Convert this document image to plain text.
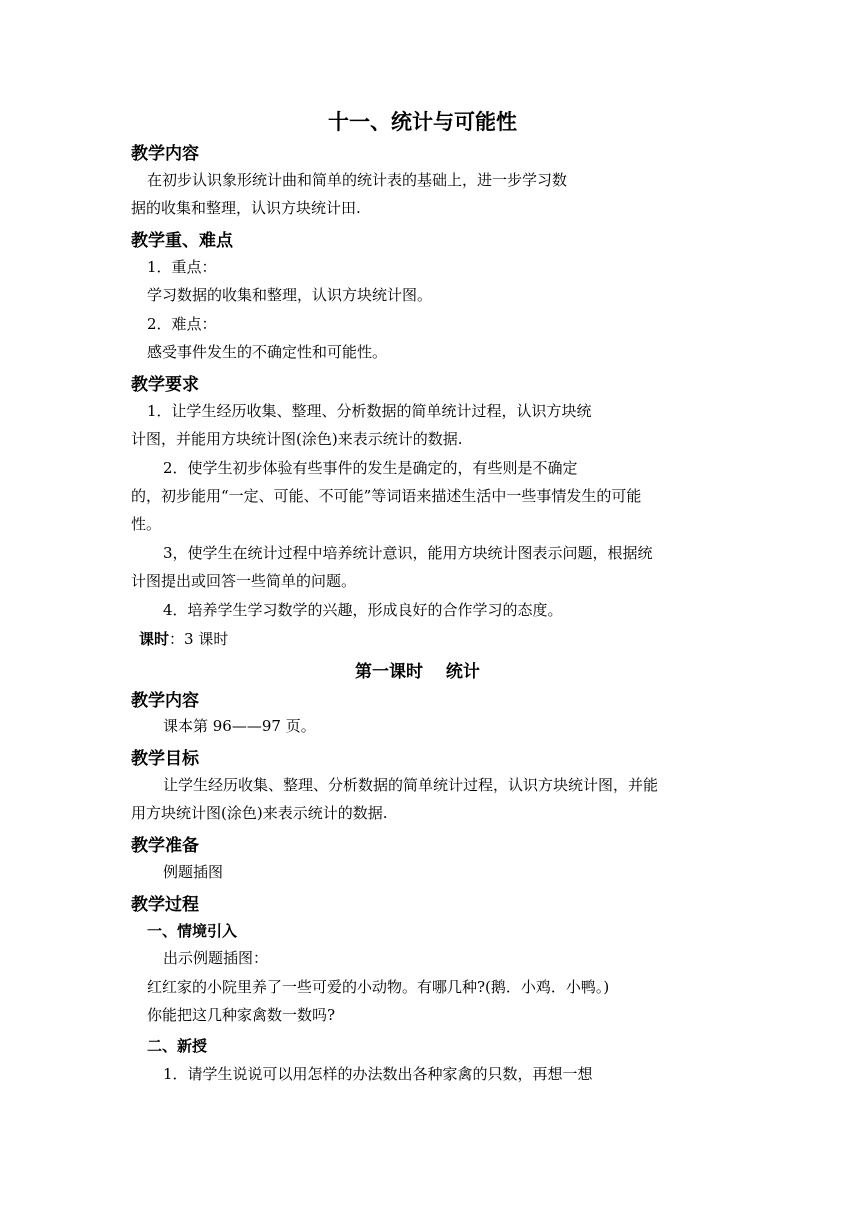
十一、统计与可能性
教学内容
在初步认识象形统计曲和简单的统计表的基础上，进一步学习数
据的收集和整理，认识方块统计田.
教学重、难点
1．重点：
学习数据的收集和整理，认识方块统计图。
2．难点：
感受事件发生的不确定性和可能性。
教学要求
1．让学生经历收集、整理、分析数据的简单统计过程，认识方块统
计图，并能用方块统计图(涂色)来表示统计的数据.
2．使学生初步体验有些事件的发生是确定的，有些则是不确定
的，初步能用“一定、可能、不可能”等词语来描述生活中一些事情发生的可能
性。
3，使学生在统计过程中培养统计意识，能用方块统计图表示问题，根据统
计图提出或回答一些简单的问题。
4．培养学生学习数学的兴趣，形成良好的合作学习的态度。
课时：3 课时
第一课时　 统计
教学内容
课本第 96——97 页。
教学目标
让学生经历收集、整理、分析数据的简单统计过程，认识方块统计图，并能
用方块统计图(涂色)来表示统计的数据.
教学准备
例题插图
教学过程
一、情境引入
出示例题插图：
红红家的小院里养了一些可爱的小动物。有哪几种?(鹅．小鸡．小鸭。)
你能把这几种家禽数一数吗?
二、新授
1．请学生说说可以用怎样的办法数出各种家禽的只数，再想一想
